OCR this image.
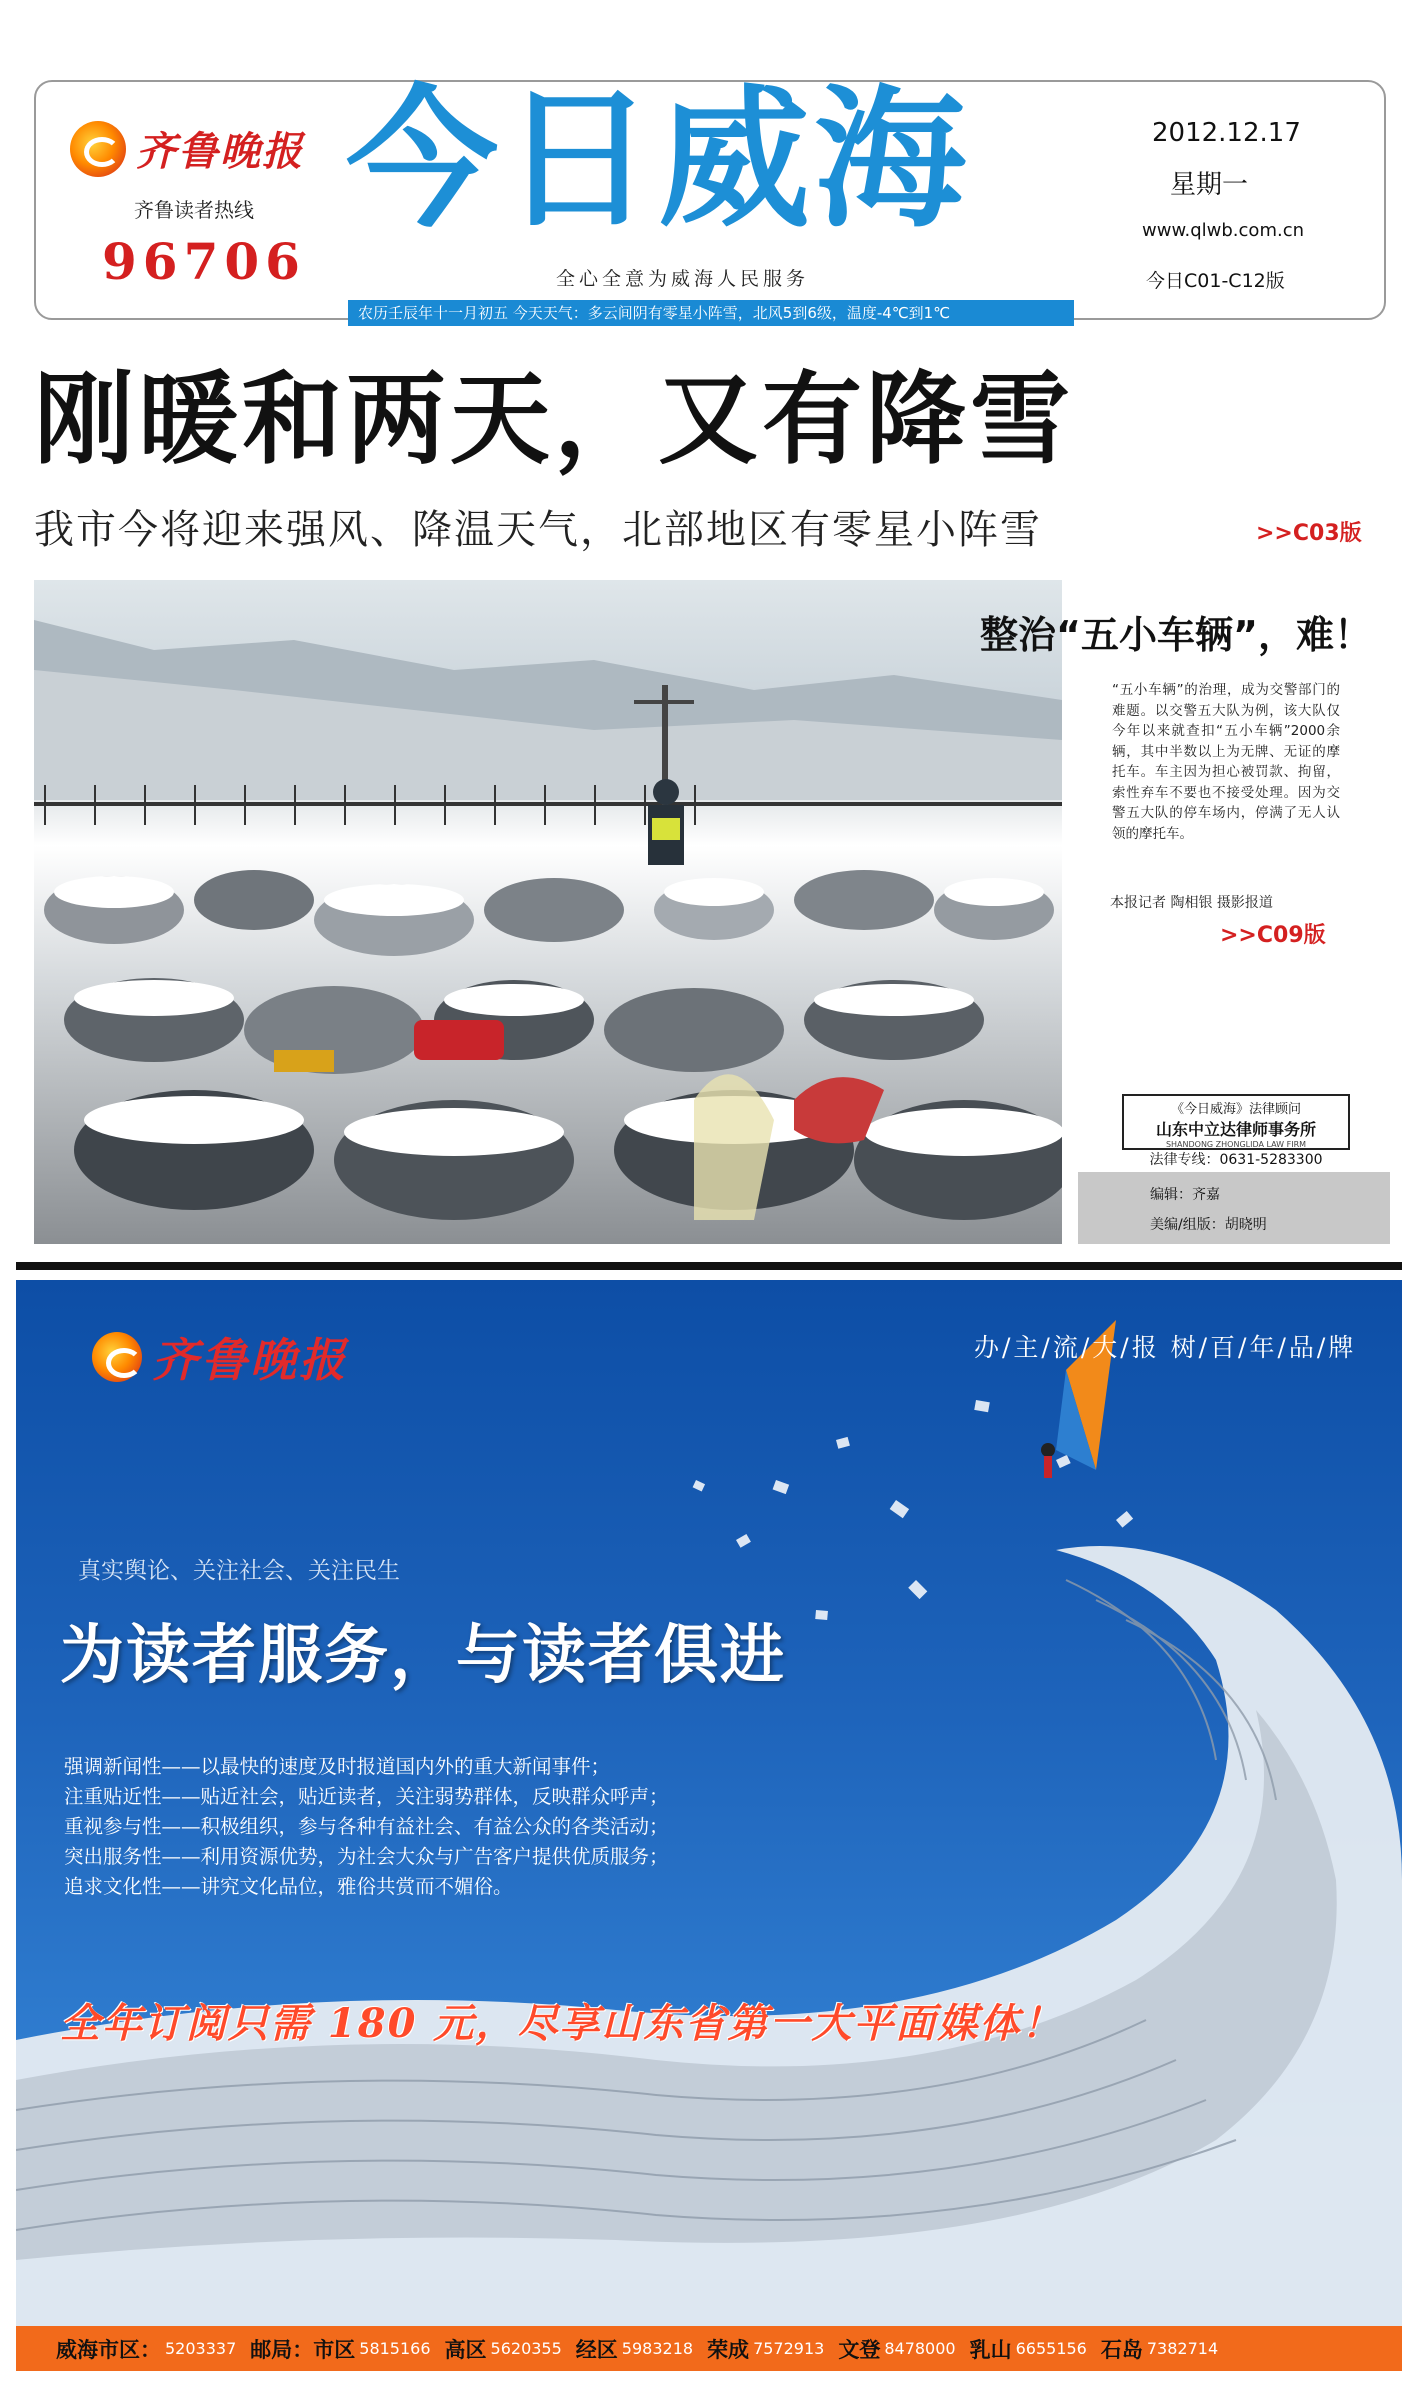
齐鲁晚报
齐鲁读者热线
96706
今日威海
全心全意为威海人民服务
2012.12.17
星期一
www.qlwb.com.cn
今日C01-C12版
农历壬辰年十一月初五 今天天气：多云间阴有零星小阵雪，北风5到6级，温度-4℃到1℃
刚暖和两天，又有降雪
我市今将迎来强风、降温天气，北部地区有零星小阵雪	>>C03版
整治“五小车辆”，难！
“五小车辆”的治理，成为交警部门的难题。以交警五大队为例，该大队仅今年以来就查扣“五小车辆”2000余辆，其中半数以上为无牌、无证的摩托车。车主因为担心被罚款、拘留，索性弃车不要也不接受处理。因为交警五大队的停车场内，停满了无人认领的摩托车。
本报记者 陶相银 摄影报道
>>C09版
《今日威海》法律顾问
山东中立达律师事务所
SHANDONG ZHONGLIDA LAW FIRM
法律专线：0631-5283300
编辑：齐嘉
美编/组版：胡晓明
齐鲁晚报	办/主/流/大/报 树/百/年/品/牌
真实舆论、关注社会、关注民生
为读者服务，与读者俱进
强调新闻性——以最快的速度及时报道国内外的重大新闻事件；
注重贴近性——贴近社会，贴近读者，关注弱势群体，反映群众呼声；
重视参与性——积极组织，参与各种有益社会、有益公众的各类活动；
突出服务性——利用资源优势，为社会大众与广告客户提供优质服务；
追求文化性——讲究文化品位，雅俗共赏而不媚俗。
全年订阅只需 180 元，尽享山东省第一大平面媒体！
威海市区： 5203337 邮局：市区 5815166 高区 5620355 经区 5983218 荣成 7572913 文登 8478000 乳山 6655156 石岛 7382714
